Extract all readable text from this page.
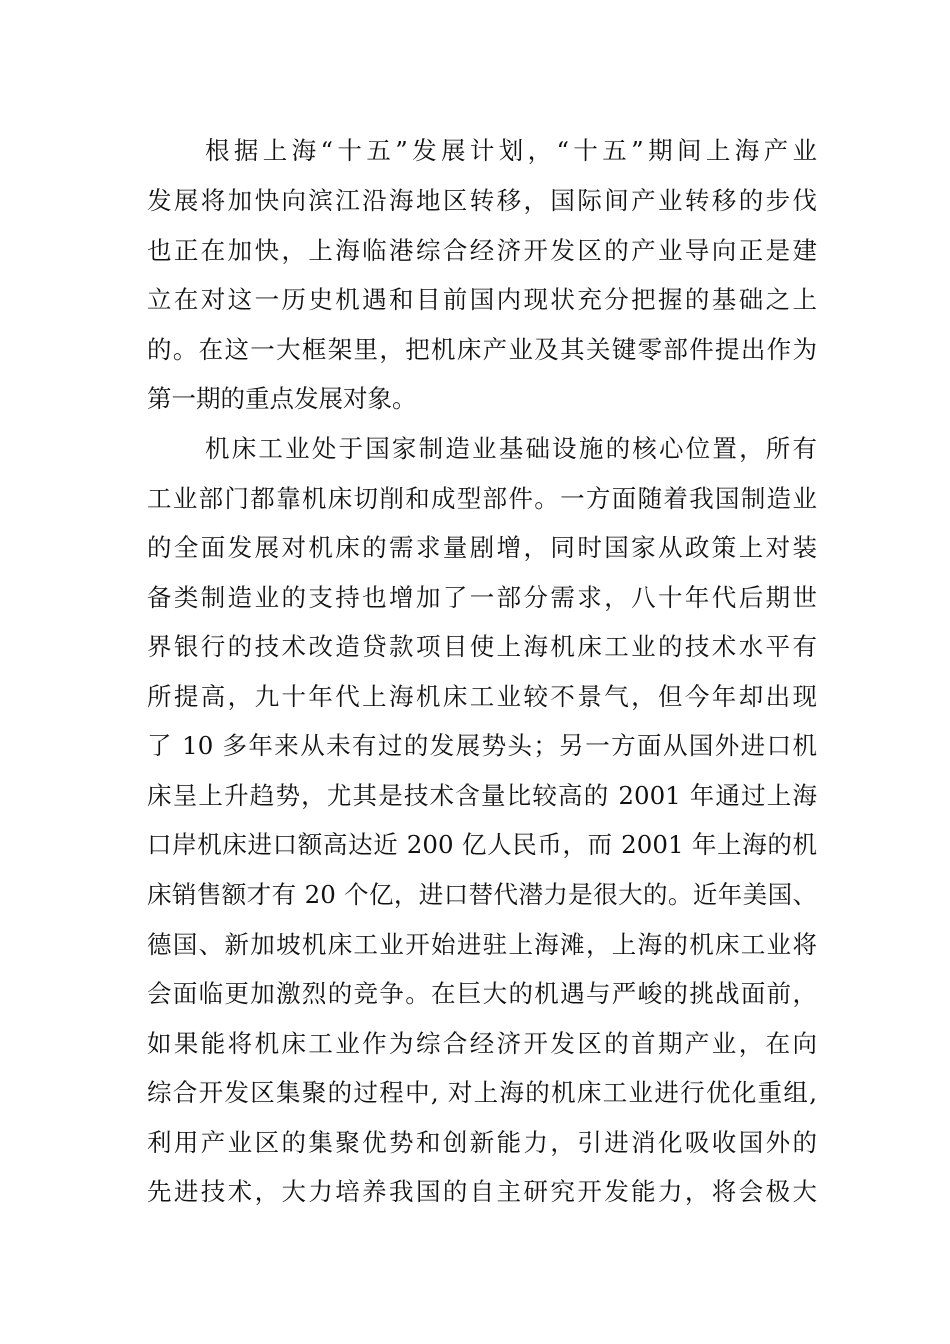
根据上海“十五”发展计划，“十五”期间上海产业
发展将加快向滨江沿海地区转移，国际间产业转移的步伐
也正在加快，上海临港综合经济开发区的产业导向正是建
立在对这一历史机遇和目前国内现状充分把握的基础之上
的。在这一大框架里，把机床产业及其关键零部件提出作为
第一期的重点发展对象。
机床工业处于国家制造业基础设施的核心位置，所有
工业部门都靠机床切削和成型部件。一方面随着我国制造业
的全面发展对机床的需求量剧增，同时国家从政策上对装
备类制造业的支持也增加了一部分需求，八十年代后期世
界银行的技术改造贷款项目使上海机床工业的技术水平有
所提高，九十年代上海机床工业较不景气，但今年却出现
了 10 多年来从未有过的发展势头；另一方面从国外进口机
床呈上升趋势，尤其是技术含量比较高的 2001 年通过上海
口岸机床进口额高达近 200 亿人民币，而 2001 年上海的机
床销售额才有 20 个亿，进口替代潜力是很大的。近年美国、
德国、新加坡机床工业开始进驻上海滩，上海的机床工业将
会面临更加激烈的竞争。在巨大的机遇与严峻的挑战面前，
如果能将机床工业作为综合经济开发区的首期产业，在向
综合开发区集聚的过程中, 对上海的机床工业进行优化重组,
利用产业区的集聚优势和创新能力，引进消化吸收国外的
先进技术，大力培养我国的自主研究开发能力，将会极大
